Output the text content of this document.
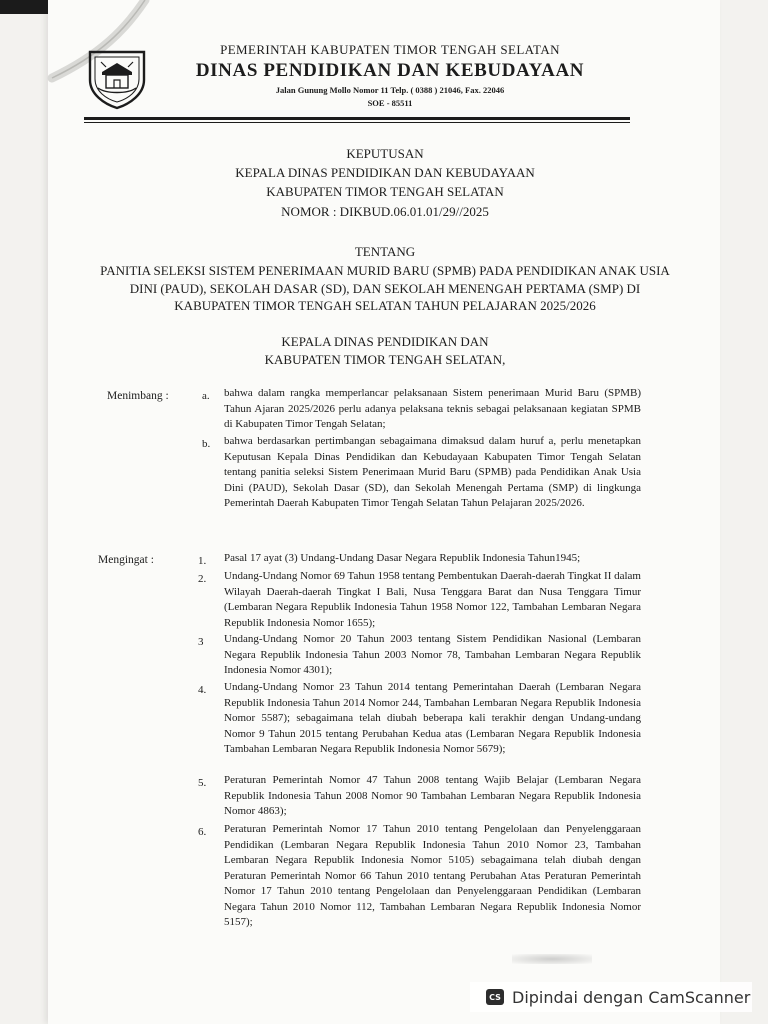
PEMERINTAH KABUPATEN TIMOR TENGAH SELATAN
DINAS PENDIDIKAN DAN KEBUDAYAAN
Jalan Gunung Mollo Nomor 11 Telp. ( 0388 ) 21046, Fax. 22046
SOE - 85511
KEPUTUSAN
KEPALA DINAS PENDIDIKAN DAN KEBUDAYAAN
KABUPATEN TIMOR TENGAH SELATAN
NOMOR : DIKBUD.06.01.01/29//2025
TENTANG
PANITIA SELEKSI SISTEM PENERIMAAN MURID BARU (SPMB) PADA PENDIDIKAN ANAK USIA
DINI (PAUD), SEKOLAH DASAR (SD), DAN SEKOLAH MENENGAH PERTAMA (SMP) DI
KABUPATEN TIMOR TENGAH SELATAN TAHUN PELAJARAN 2025/2026
KEPALA DINAS PENDIDIKAN DAN
KABUPATEN TIMOR TENGAH SELATAN,
Menimbang :	a. bahwa dalam rangka memperlancar pelaksanaan Sistem penerimaan Murid Baru (SPMB) Tahun Ajaran 2025/2026 perlu adanya pelaksana teknis sebagai pelaksanaan kegiatan SPMB di Kabupaten Timor Tengah Selatan;
b. bahwa berdasarkan pertimbangan sebagaimana dimaksud dalam huruf a, perlu menetapkan Keputusan Kepala Dinas Pendidikan dan Kebudayaan Kabupaten Timor Tengah Selatan tentang panitia seleksi Sistem Penerimaan Murid Baru (SPMB) pada Pendidikan Anak Usia Dini (PAUD), Sekolah Dasar (SD), dan Sekolah Menengah Pertama (SMP) di lingkunga Pemerintah Daerah Kabupaten Timor Tengah Selatan Tahun Pelajaran 2025/2026.
Mengingat :	1. Pasal 17 ayat (3) Undang-Undang Dasar Negara Republik Indonesia Tahun1945;
2. Undang-Undang Nomor 69 Tahun 1958 tentang Pembentukan Daerah-daerah Tingkat II dalam Wilayah Daerah-daerah Tingkat I Bali, Nusa Tenggara Barat dan Nusa Tenggara Timur (Lembaran Negara Republik Indonesia Tahun 1958 Nomor 122, Tambahan Lembaran Negara Republik Indonesia Nomor 1655);
3 Undang-Undang Nomor 20 Tahun 2003 tentang Sistem Pendidikan Nasional (Lembaran Negara Republik Indonesia Tahun 2003 Nomor 78, Tambahan Lembaran Negara Republik Indonesia Nomor 4301);
4. Undang-Undang Nomor 23 Tahun 2014 tentang Pemerintahan Daerah (Lembaran Negara Republik Indonesia Tahun 2014 Nomor 244, Tambahan Lembaran Negara Republik Indonesia Nomor 5587); sebagaimana telah diubah beberapa kali terakhir dengan Undang-undang Nomor 9 Tahun 2015 tentang Perubahan Kedua atas (Lembaran Negara Republik Indonesia Tambahan Lembaran Negara Republik Indonesia Nomor 5679);
5. Peraturan Pemerintah Nomor 47 Tahun 2008 tentang Wajib Belajar (Lembaran Negara Republik Indonesia Tahun 2008 Nomor 90 Tambahan Lembaran Negara Republik Indonesia Nomor 4863);
6. Peraturan Pemerintah Nomor 17 Tahun 2010 tentang Pengelolaan dan Penyelenggaraan Pendidikan (Lembaran Negara Republik Indonesia Tahun 2010 Nomor 23, Tambahan Lembaran Negara Republik Indonesia Nomor 5105) sebagaimana telah diubah dengan Peraturan Pemerintah Nomor 66 Tahun 2010 tentang Perubahan Atas Peraturan Pemerintah Nomor 17 Tahun 2010 tentang Pengelolaan dan Penyelenggaraan Pendidikan (Lembaran Negara Tahun 2010 Nomor 112, Tambahan Lembaran Negara Republik Indonesia Nomor 5157);
CS Dipindai dengan CamScanner
